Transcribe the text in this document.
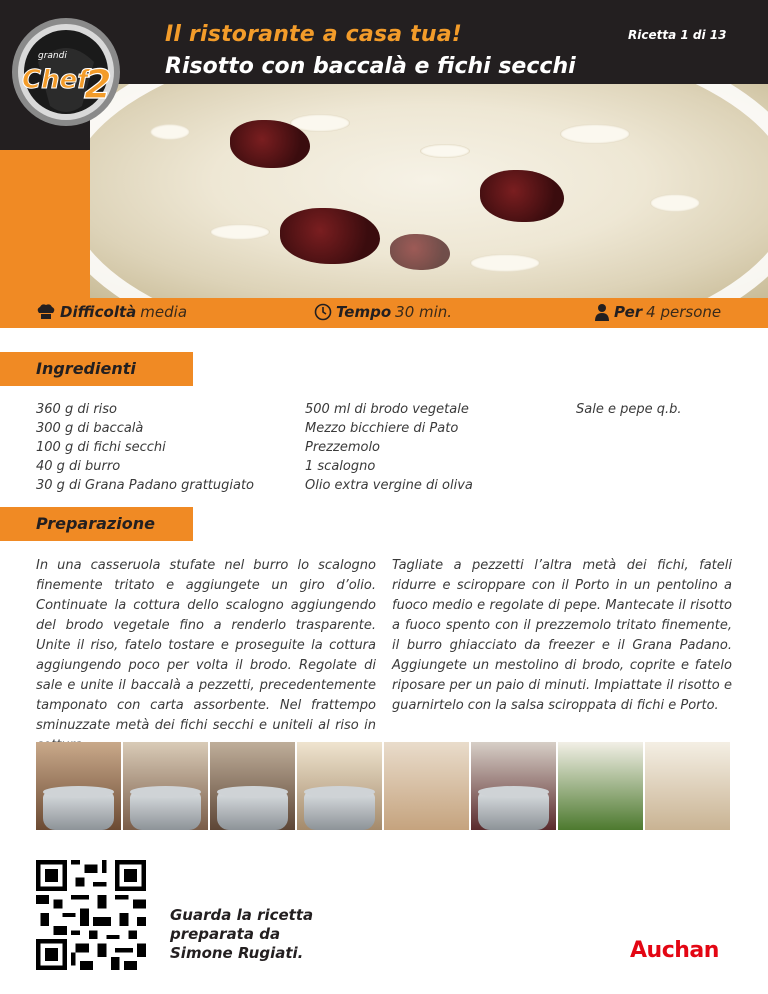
grandi
Chef
2
Il ristorante a casa tua!
Risotto con baccalà e fichi secchi
Ricetta 1 di 13
Difficoltà media	Tempo 30 min.	Per 4 persone
Ingredienti
360 g di riso
300 g di baccalà
100 g di fichi secchi
40 g di burro
30 g di Grana Padano grattugiato
500 ml di brodo vegetale
Mezzo bicchiere di Pato
Prezzemolo
1 scalogno
Olio extra vergine di oliva
Sale e pepe q.b.
Preparazione
In una casseruola stufate nel burro lo scalogno finemente tritato e aggiungete un giro d’olio. Continuate la cottura dello scalogno aggiungendo del brodo vegetale fino a renderlo trasparente. Unite il riso, fatelo tostare e proseguite la cottura aggiungendo poco per volta il brodo. Regolate di sale e unite il baccalà a pezzetti, precedentemente tamponato con carta assorbente. Nel frattempo sminuzzate metà dei fichi secchi e uniteli al riso in
Tagliate a pezzetti l’altra metà dei fichi, fateli ridurre e sciroppare con il Porto in un pentolino a fuoco medio e regolate di pepe. Mantecate il risotto a fuoco spento con il prezzemolo tritato finemente, il burro ghiacciato da freezer e il Grana Padano. Aggiungete un mestolino di brodo, coprite e fatelo riposare per un paio di minuti. Impiattate il risotto e guarnirtelo con la salsa sciroppata di fichi e Porto.
Guarda la ricetta
preparata da
Simone Rugiati.	Auchan
